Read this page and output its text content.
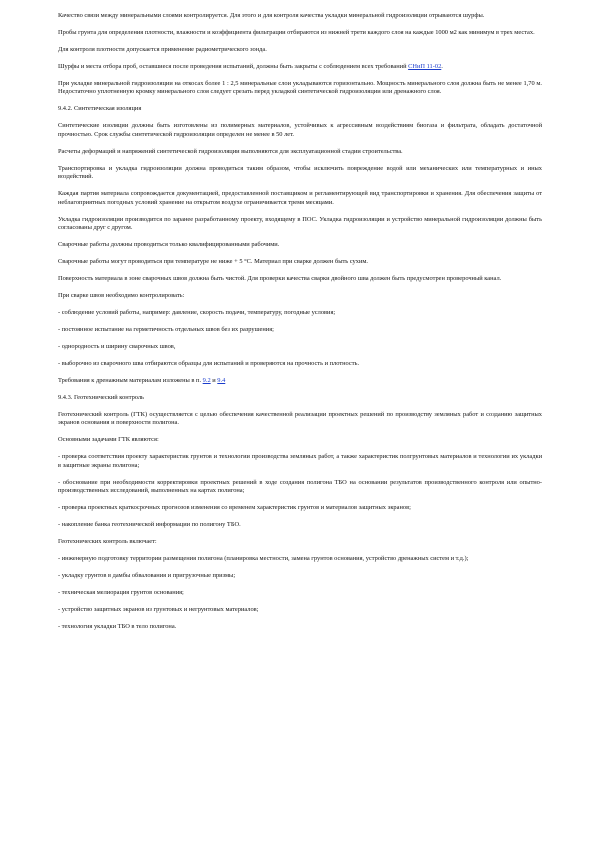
Качество связи между минеральными слоями контролируется. Для этого и для контроля качества укладки минеральной гидроизоляции отрываются шурфы.

Пробы грунта для определения плотности, влажности и коэффициента фильтрации отбираются из нижней трети каждого слоя на каждые 1000 м2 как минимум в трех местах.

Для контроля плотности допускается применение радиометрического зонда.

Шурфы и места отбора проб, оставшиеся после проведения испытаний, должны быть закрыты с соблюдением всех требований СНиП 11-02.

При укладке минеральной гидроизоляции на откосах более 1 : 2,5 минеральные слои укладываются горизонтально. Мощность минерального слоя должна быть не менее 1,70 м. Недостаточно уплотненную кромку минерального слоя следует срезать перед укладкой синтетической гидроизоляции или дренажного слоя.

9.4.2. Синтетическая изоляция

Синтетические изоляции должны быть изготовлены из полимерных материалов, устойчивых к агрессивным воздействиям биогаза и фильтрата, обладать достаточной прочностью. Срок службы синтетической гидроизоляции определен не менее в 50 лет.

Расчеты деформаций и напряжений синтетической гидроизоляции выполняются для эксплуатационной стадии строительства.

Транспортировка и укладка гидроизоляции должна проводиться таким образом, чтобы исключить повреждение водой или механических или температурных и иных воздействий.

Каждая партия материала сопровождается документацией, предоставленной поставщиком и регламентирующей вид транспортировки и хранения. Для обеспечения защиты от неблагоприятных погодных условий хранение на открытом воздухе ограничивается тремя месяцами.

Укладка гидроизоляции производится по заранее разработанному проекту, входящему в ПОС. Укладка гидроизоляции и устройство минеральной гидроизоляции должны быть согласованы друг с другом.

Сварочные работы должны проводиться только квалифицированными рабочими.

Сварочные работы могут проводиться при температуре не ниже + 5 °С. Материал при сварке должен быть сухим.

Поверхность материала в зоне сварочных швов должна быть чистой. Для проверки качества сварки двойного шва должен быть предусмотрен проверочный канал.

При сварке швов необходимо контролировать:

- соблюдение условий работы, например: давление, скорость подачи, температуру, погодные условия;

- постоянное испытание на герметичность отдельных швов без их разрушения;

- однородность и ширину сварочных швов,

- выборочно из сварочного шва отбираются образцы для испытаний и проверяются на прочность и плотность.

Требования к дренажным материалам изложены в п. 9.2 и 9.4

9.4.3. Геотехнический контроль

Геотехнический контроль (ГТК) осуществляется с целью обеспечения качественной реализации проектных решений по производству земляных работ и созданию защитных экранов основания и поверхности полигона.

Основными задачами ГТК являются:

- проверка соответствия проекту характеристик грунтов и технологии производства земляных работ, а также характеристик полгрунтовых материалов и технологии их укладки в защитные экраны полигона;

- обоснование при необходимости корректировки проектных решений в ходе создания полигона ТБО на основании результатов производственного контроля или опытно-производственных исследований, выполненных на картах полигона;

- проверка проектных краткосрочных прогнозов изменения со временем характеристик грунтов и материалов защитных экранов;

- накопление банка геотехнической информации по полигону ТБО.

Геотехнических контроль включает:

- инженерную подготовку территории размещения полигона (планировка местности, замена грунтов основания, устройство дренажных систем и т.д.);

- укладку грунтов в дамбы обвалования и пригрузочные призмы;

- техническая мелиорация грунтов основания;

- устройство защитных экранов из грунтовых и негрунтовых материалов;

- технология укладки ТБО в тело полигона.
